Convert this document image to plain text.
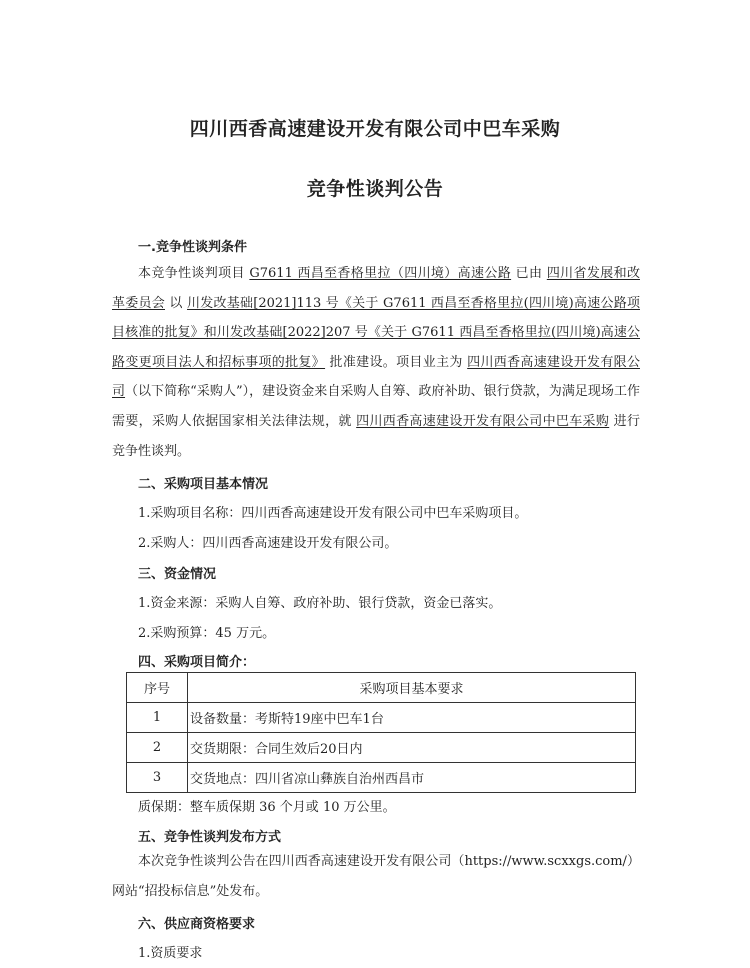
四川西香高速建设开发有限公司中巴车采购
竞争性谈判公告
一.竞争性谈判条件

本竞争性谈判项目 G7611 西昌至香格里拉（四川境）高速公路 已由 四川省发展和改革委员会 以 川发改基础[2021]113 号《关于 G7611 西昌至香格里拉(四川境)高速公路项目核准的批复》和川发改基础[2022]207 号《关于 G7611 西昌至香格里拉(四川境)高速公路变更项目法人和招标事项的批复》 批准建设。项目业主为 四川西香高速建设开发有限公司（以下简称“采购人”），建设资金来自采购人自筹、政府补助、银行贷款，为满足现场工作需要，采购人依据国家相关法律法规，就 四川西香高速建设开发有限公司中巴车采购 进行竞争性谈判。

二、采购项目基本情况
1.采购项目名称：四川西香高速建设开发有限公司中巴车采购项目。
2.采购人：四川西香高速建设开发有限公司。
三、资金情况
1.资金来源：采购人自筹、政府补助、银行贷款，资金已落实。
2.采购预算：45 万元。
四、采购项目简介：
序号	采购项目基本要求
1	设备数量：考斯特19座中巴车1台
2	交货期限：合同生效后20日内
3	交货地点：四川省凉山彝族自治州西昌市
质保期：整车质保期 36 个月或 10 万公里。
五、竞争性谈判发布方式

本次竞争性谈判公告在四川西香高速建设开发有限公司（https://www.scxxgs.com/）网站“招投标信息”处发布。

六、供应商资格要求
1.资质要求
